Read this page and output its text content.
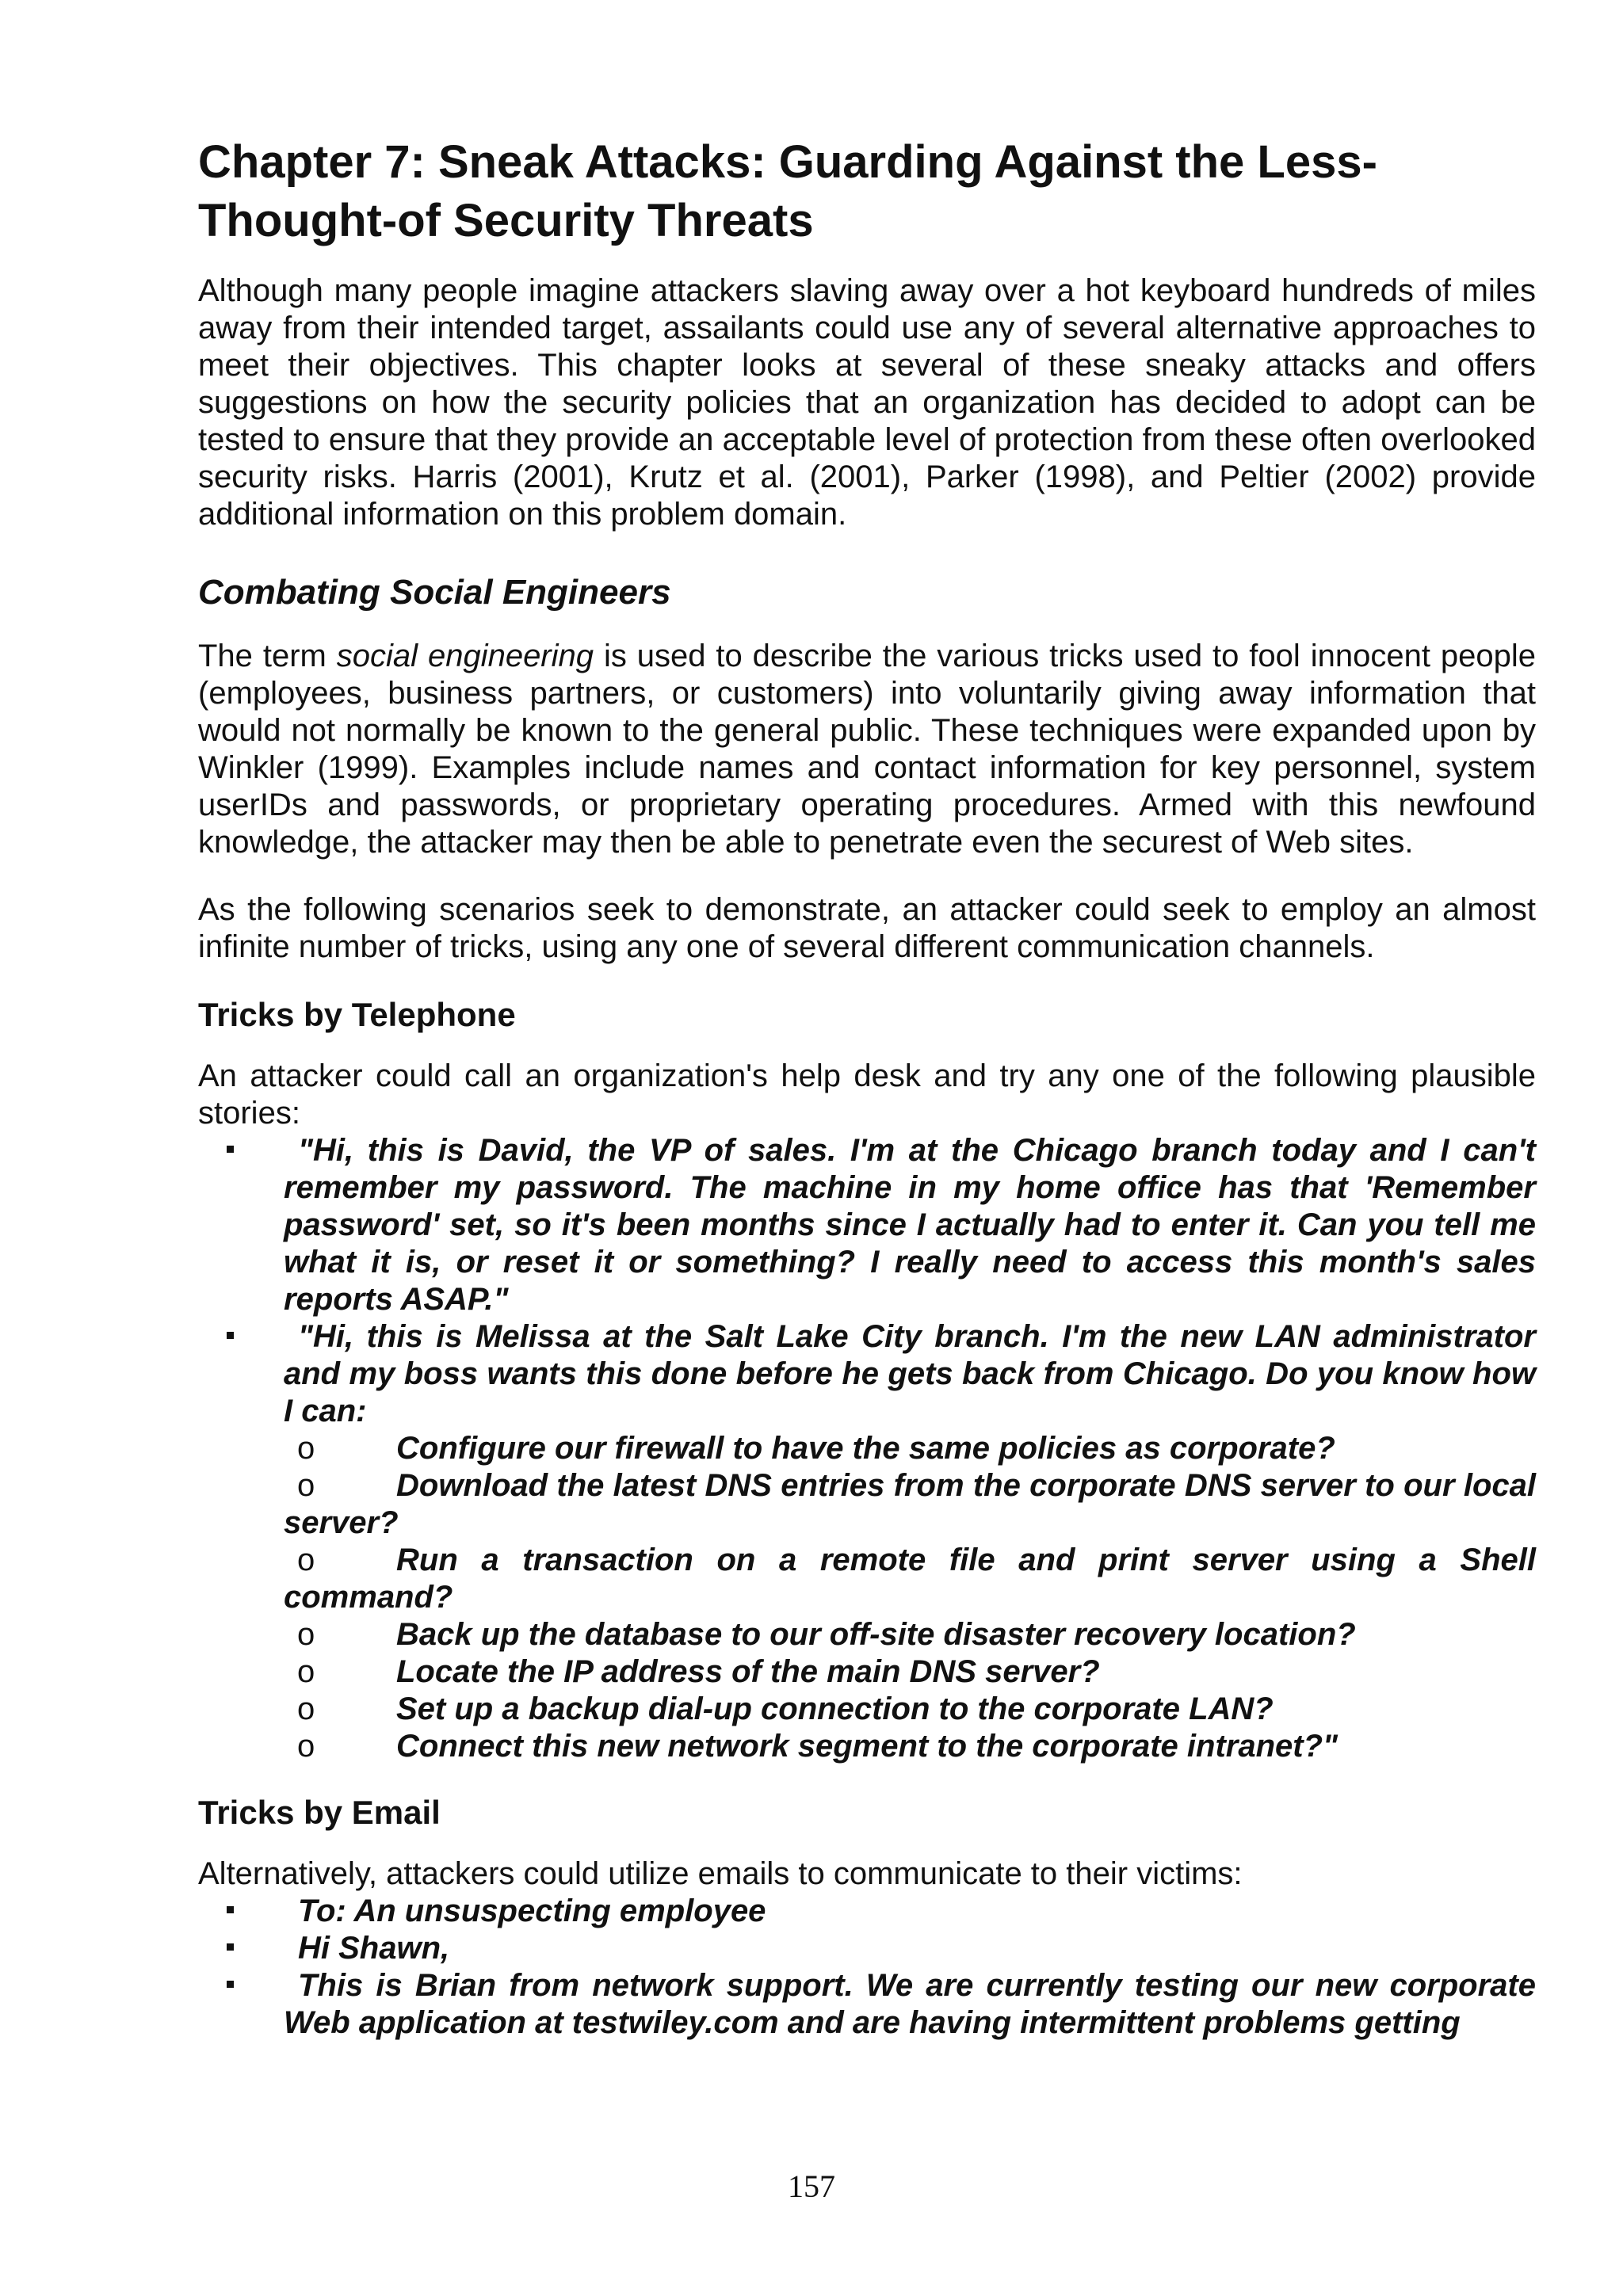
Chapter 7: Sneak Attacks: Guarding Against the Less-
Thought-of Security Threats

Although many people imagine attackers slaving away over a hot keyboard hundreds of miles away from their intended target, assailants could use any of several alternative approaches to meet their objectives. This chapter looks at several of these sneaky attacks and offers suggestions on how the security policies that an organization has decided to adopt can be tested to ensure that they provide an acceptable level of protection from these often overlooked security risks. Harris (2001), Krutz et al. (2001), Parker (1998), and Peltier (2002) provide additional information on this problem domain.

Combating Social Engineers

The term social engineering is used to describe the various tricks used to fool innocent people (employees, business partners, or customers) into voluntarily giving away information that would not normally be known to the general public. These techniques were expanded upon by Winkler (1999). Examples include names and contact information for key personnel, system userIDs and passwords, or proprietary operating procedures. Armed with this newfound knowledge, the attacker may then be able to penetrate even the securest of Web sites.

As the following scenarios seek to demonstrate, an attacker could seek to employ an almost infinite number of tricks, using any one of several different communication channels.

Tricks by Telephone

An attacker could call an organization's help desk and try any one of the following plausible stories:

"Hi, this is David, the VP of sales. I'm at the Chicago branch today and I can't remember my password. The machine in my home office has that 'Remember password' set, so it's been months since I actually had to enter it. Can you tell me what it is, or reset it or something? I really need to access this month's sales reports ASAP."
"Hi, this is Melissa at the Salt Lake City branch. I'm the new LAN administrator and my boss wants this done before he gets back from Chicago. Do you know how I can:
o	Configure our firewall to have the same policies as corporate?
o	Download the latest DNS entries from the corporate DNS server to our local server?
o	Run a transaction on a remote file and print server using a Shell command?
o	Back up the database to our off-site disaster recovery location?
o	Locate the IP address of the main DNS server?
o	Set up a backup dial-up connection to the corporate LAN?
o	Connect this new network segment to the corporate intranet?"
Tricks by Email

Alternatively, attackers could utilize emails to communicate to their victims:

To: An unsuspecting employee
Hi Shawn,
This is Brian from network support. We are currently testing our new corporate Web application at testwiley.com and are having intermittent problems getting
157
